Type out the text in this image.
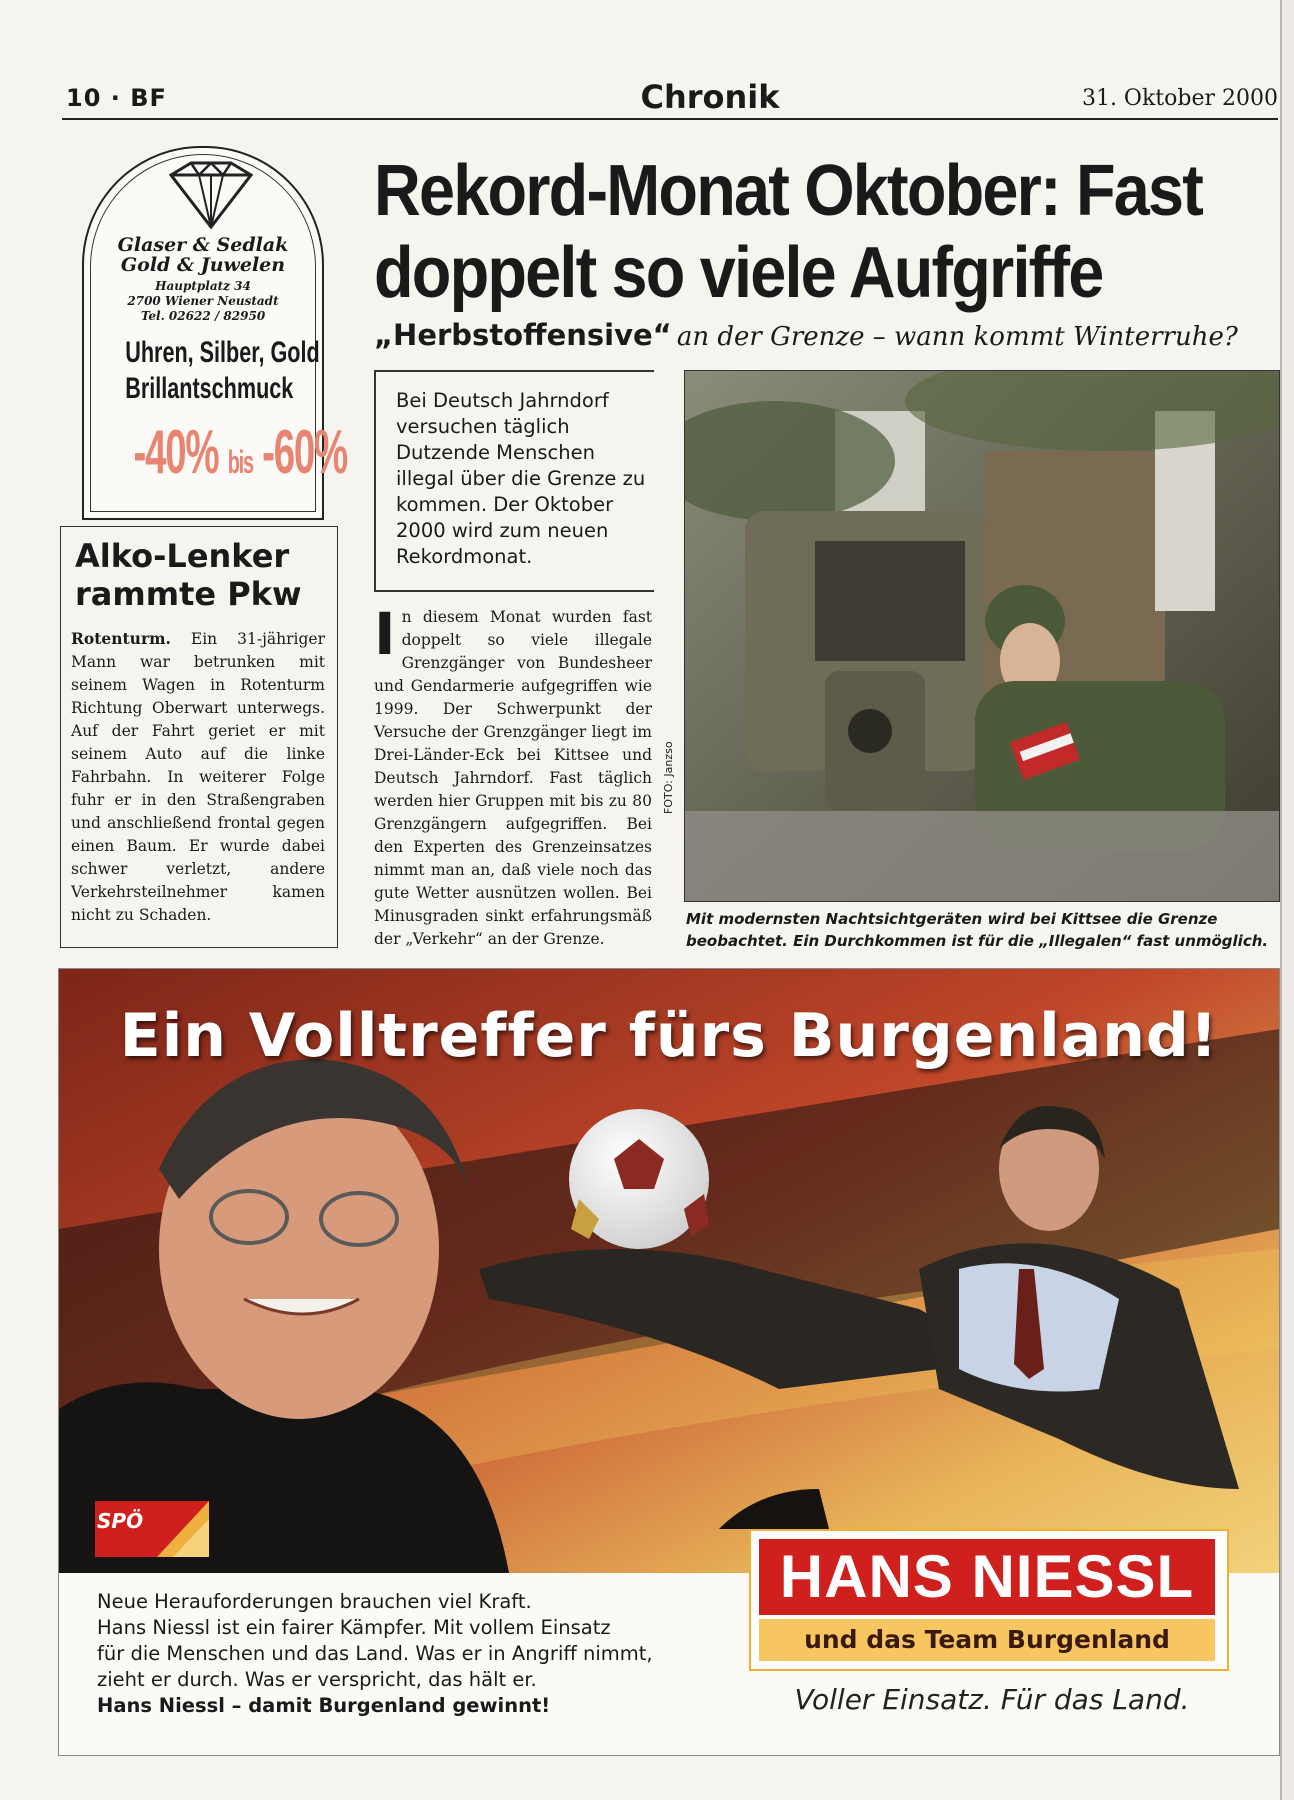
10 · BF	Chronik	31. Oktober 2000
Glaser & Sedlak
Gold & Juwelen
Hauptplatz 34
2700 Wiener Neustadt
Tel. 02622 / 82950
Uhren, Silber, Gold
Brillantschmuck
-40% bis -60%
Alko-Lenker rammte Pkw
Rotenturm. Ein 31-jähriger Mann war betrunken mit seinem Wagen in Rotenturm Richtung Oberwart unterwegs. Auf der Fahrt geriet er mit seinem Auto auf die linke Fahrbahn. In weiterer Folge fuhr er in den Straßengraben und anschließend frontal gegen einen Baum. Er wurde dabei schwer verletzt, andere Verkehrsteilnehmer kamen nicht zu Schaden.
Rekord-Monat Oktober: Fast
doppelt so viele Aufgriffe
„Herbstoffensive“ an der Grenze – wann kommt Winterruhe?
Bei Deutsch Jahrndorf versuchen täglich Dutzende Menschen illegal über die Grenze zu kommen. Der Oktober 2000 wird zum neuen Rekordmonat.
In diesem Monat wurden fast doppelt so viele illegale Grenzgänger von Bundesheer und Gendarmerie aufgegriffen wie 1999. Der Schwerpunkt der Versuche der Grenzgänger liegt im Drei-Länder-Eck bei Kittsee und Deutsch Jahrndorf. Fast täglich werden hier Gruppen mit bis zu 80 Grenzgängern aufgegriffen. Bei den Experten des Grenzeinsatzes nimmt man an, daß viele noch das gute Wetter ausnützen wollen. Bei Minusgraden sinkt erfahrungsmäß der „Verkehr“ an der Grenze.
FOTO: Janzso
Mit modernsten Nachtsichtgeräten wird bei Kittsee die Grenze beobachtet. Ein Durchkommen ist für die „Illegalen“ fast unmöglich.
Ein Volltreffer fürs Burgenland!
SPÖ
Neue Herauforderungen brauchen viel Kraft.
Hans Niessl ist ein fairer Kämpfer. Mit vollem Einsatz
für die Menschen und das Land. Was er in Angriff nimmt,
zieht er durch. Was er verspricht, das hält er.
Hans Niessl – damit Burgenland gewinnt!
HANS NIESSL
und das Team Burgenland
Voller Einsatz. Für das Land.
